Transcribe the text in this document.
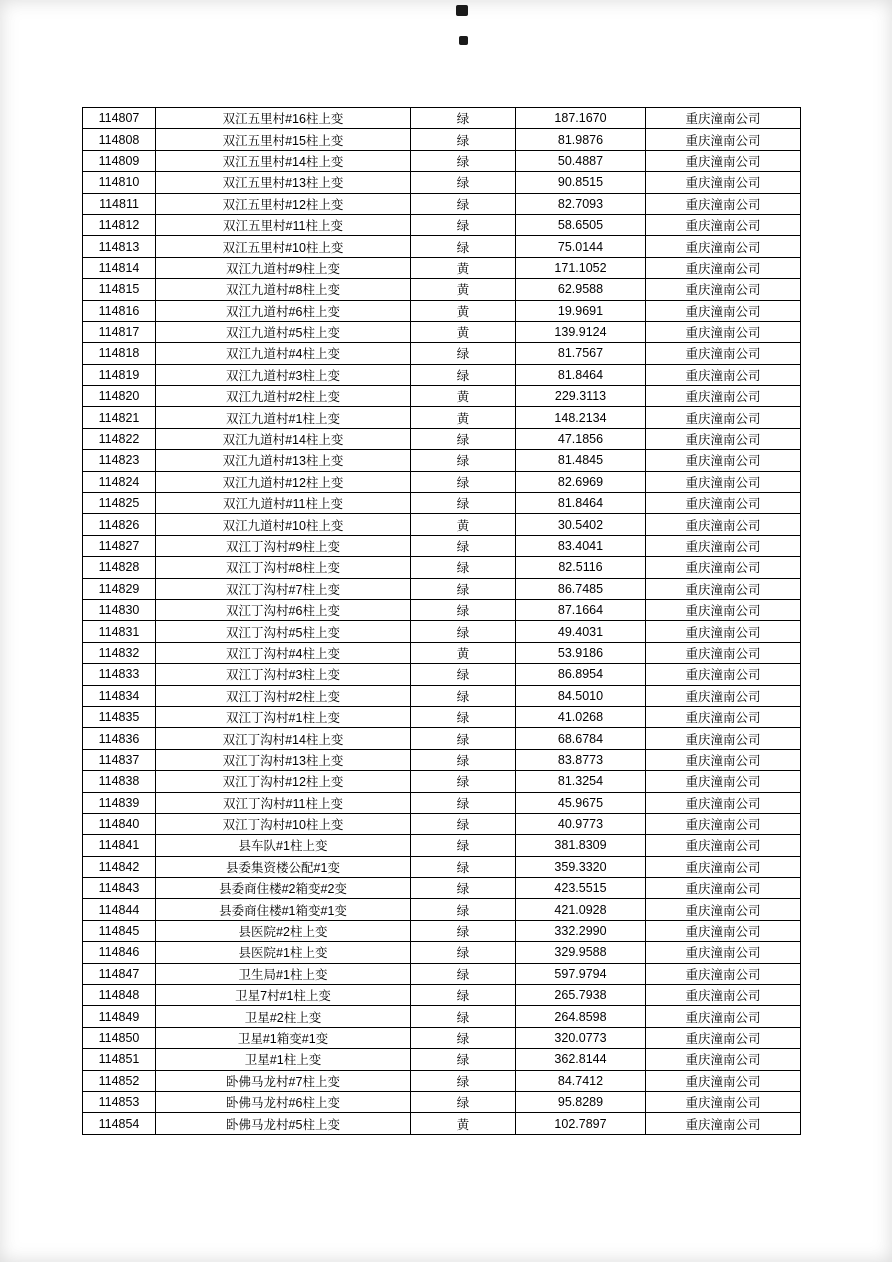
114807	双江五里村#16柱上变	绿	187.1670	重庆潼南公司
114808	双江五里村#15柱上变	绿	81.9876	重庆潼南公司
114809	双江五里村#14柱上变	绿	50.4887	重庆潼南公司
114810	双江五里村#13柱上变	绿	90.8515	重庆潼南公司
114811	双江五里村#12柱上变	绿	82.7093	重庆潼南公司
114812	双江五里村#11柱上变	绿	58.6505	重庆潼南公司
114813	双江五里村#10柱上变	绿	75.0144	重庆潼南公司
114814	双江九道村#9柱上变	黄	171.1052	重庆潼南公司
114815	双江九道村#8柱上变	黄	62.9588	重庆潼南公司
114816	双江九道村#6柱上变	黄	19.9691	重庆潼南公司
114817	双江九道村#5柱上变	黄	139.9124	重庆潼南公司
114818	双江九道村#4柱上变	绿	81.7567	重庆潼南公司
114819	双江九道村#3柱上变	绿	81.8464	重庆潼南公司
114820	双江九道村#2柱上变	黄	229.3113	重庆潼南公司
114821	双江九道村#1柱上变	黄	148.2134	重庆潼南公司
114822	双江九道村#14柱上变	绿	47.1856	重庆潼南公司
114823	双江九道村#13柱上变	绿	81.4845	重庆潼南公司
114824	双江九道村#12柱上变	绿	82.6969	重庆潼南公司
114825	双江九道村#11柱上变	绿	81.8464	重庆潼南公司
114826	双江九道村#10柱上变	黄	30.5402	重庆潼南公司
114827	双江丁沟村#9柱上变	绿	83.4041	重庆潼南公司
114828	双江丁沟村#8柱上变	绿	82.5116	重庆潼南公司
114829	双江丁沟村#7柱上变	绿	86.7485	重庆潼南公司
114830	双江丁沟村#6柱上变	绿	87.1664	重庆潼南公司
114831	双江丁沟村#5柱上变	绿	49.4031	重庆潼南公司
114832	双江丁沟村#4柱上变	黄	53.9186	重庆潼南公司
114833	双江丁沟村#3柱上变	绿	86.8954	重庆潼南公司
114834	双江丁沟村#2柱上变	绿	84.5010	重庆潼南公司
114835	双江丁沟村#1柱上变	绿	41.0268	重庆潼南公司
114836	双江丁沟村#14柱上变	绿	68.6784	重庆潼南公司
114837	双江丁沟村#13柱上变	绿	83.8773	重庆潼南公司
114838	双江丁沟村#12柱上变	绿	81.3254	重庆潼南公司
114839	双江丁沟村#11柱上变	绿	45.9675	重庆潼南公司
114840	双江丁沟村#10柱上变	绿	40.9773	重庆潼南公司
114841	县车队#1柱上变	绿	381.8309	重庆潼南公司
114842	县委集资楼公配#1变	绿	359.3320	重庆潼南公司
114843	县委商住楼#2箱变#2变	绿	423.5515	重庆潼南公司
114844	县委商住楼#1箱变#1变	绿	421.0928	重庆潼南公司
114845	县医院#2柱上变	绿	332.2990	重庆潼南公司
114846	县医院#1柱上变	绿	329.9588	重庆潼南公司
114847	卫生局#1柱上变	绿	597.9794	重庆潼南公司
114848	卫星7村#1柱上变	绿	265.7938	重庆潼南公司
114849	卫星#2柱上变	绿	264.8598	重庆潼南公司
114850	卫星#1箱变#1变	绿	320.0773	重庆潼南公司
114851	卫星#1柱上变	绿	362.8144	重庆潼南公司
114852	卧佛马龙村#7柱上变	绿	84.7412	重庆潼南公司
114853	卧佛马龙村#6柱上变	绿	95.8289	重庆潼南公司
114854	卧佛马龙村#5柱上变	黄	102.7897	重庆潼南公司
